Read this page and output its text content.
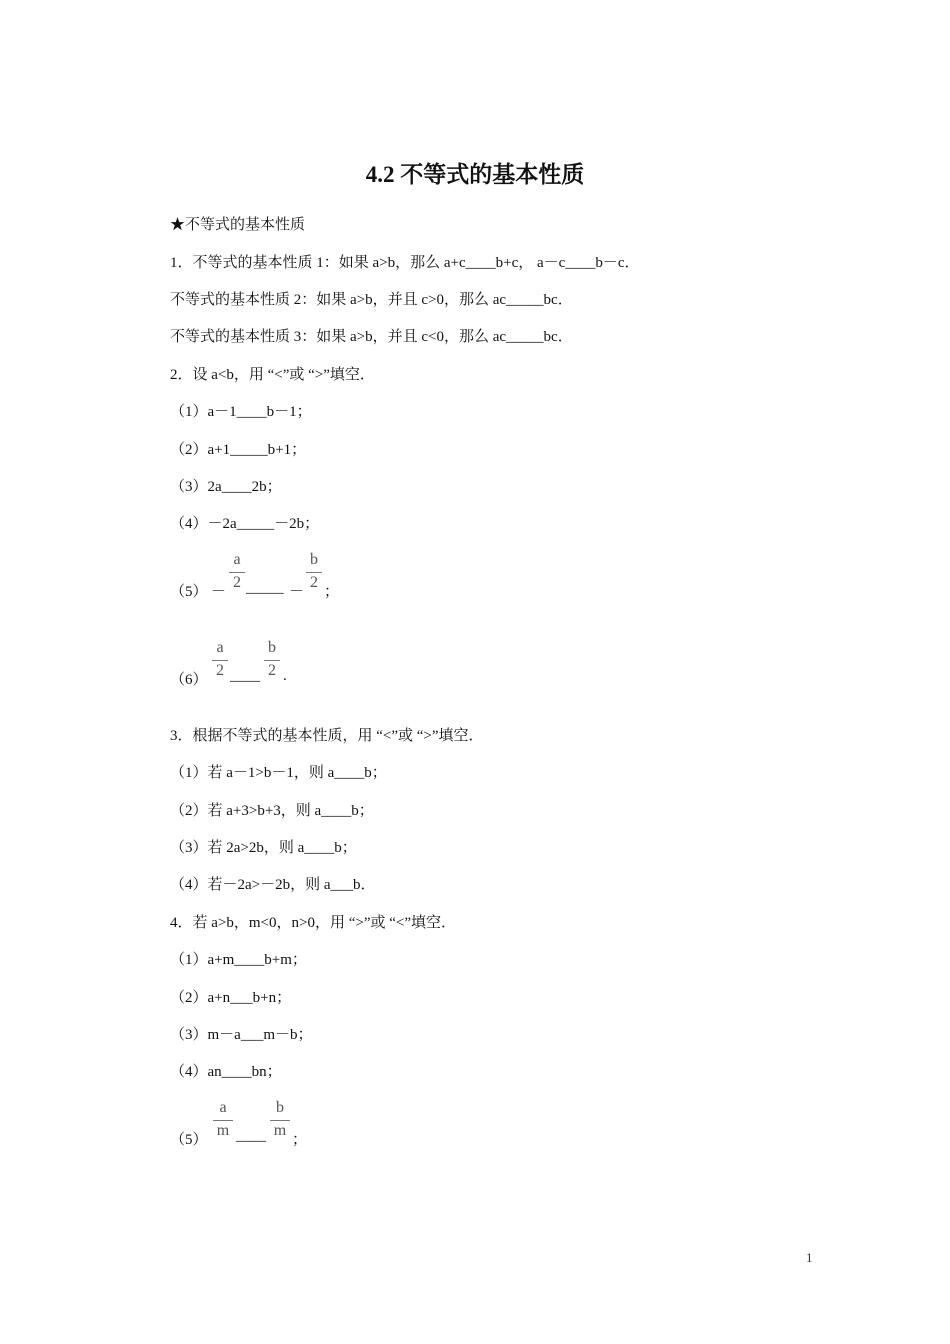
4.2 不等式的基本性质
★不等式的基本性质
1．不等式的基本性质 1：如果 a>b，那么 a+c____b+c， a－c____b－c．
不等式的基本性质 2：如果 a>b，并且 c>0，那么 ac_____bc．
不等式的基本性质 3：如果 a>b，并且 c<0，那么 ac_____bc．
2．设 a<b，用 “<”或 “>”填空．
（1）a－1____b－1；
（2）a+1_____b+1；
（3）2a____2b；
（4）－2a_____－2b；
（5） －
a
2 _____ －
b
2
；
（6）
a
2 ____
b
2 .
3．根据不等式的基本性质，用 “<”或 “>”填空．
（1）若 a－1>b－1，则 a____b；
（2）若 a+3>b+3，则 a____b；
（3）若 2a>2b，则 a____b；
（4）若－2a>－2b，则 a___b．
4．若 a>b，m<0，n>0，用 “>”或 “<”填空．
（1）a+m____b+m；
（2）a+n___b+n；
（3）m－a___m－b；
（4）an____bn；
（5）
a
m ____
b
m
；
1
